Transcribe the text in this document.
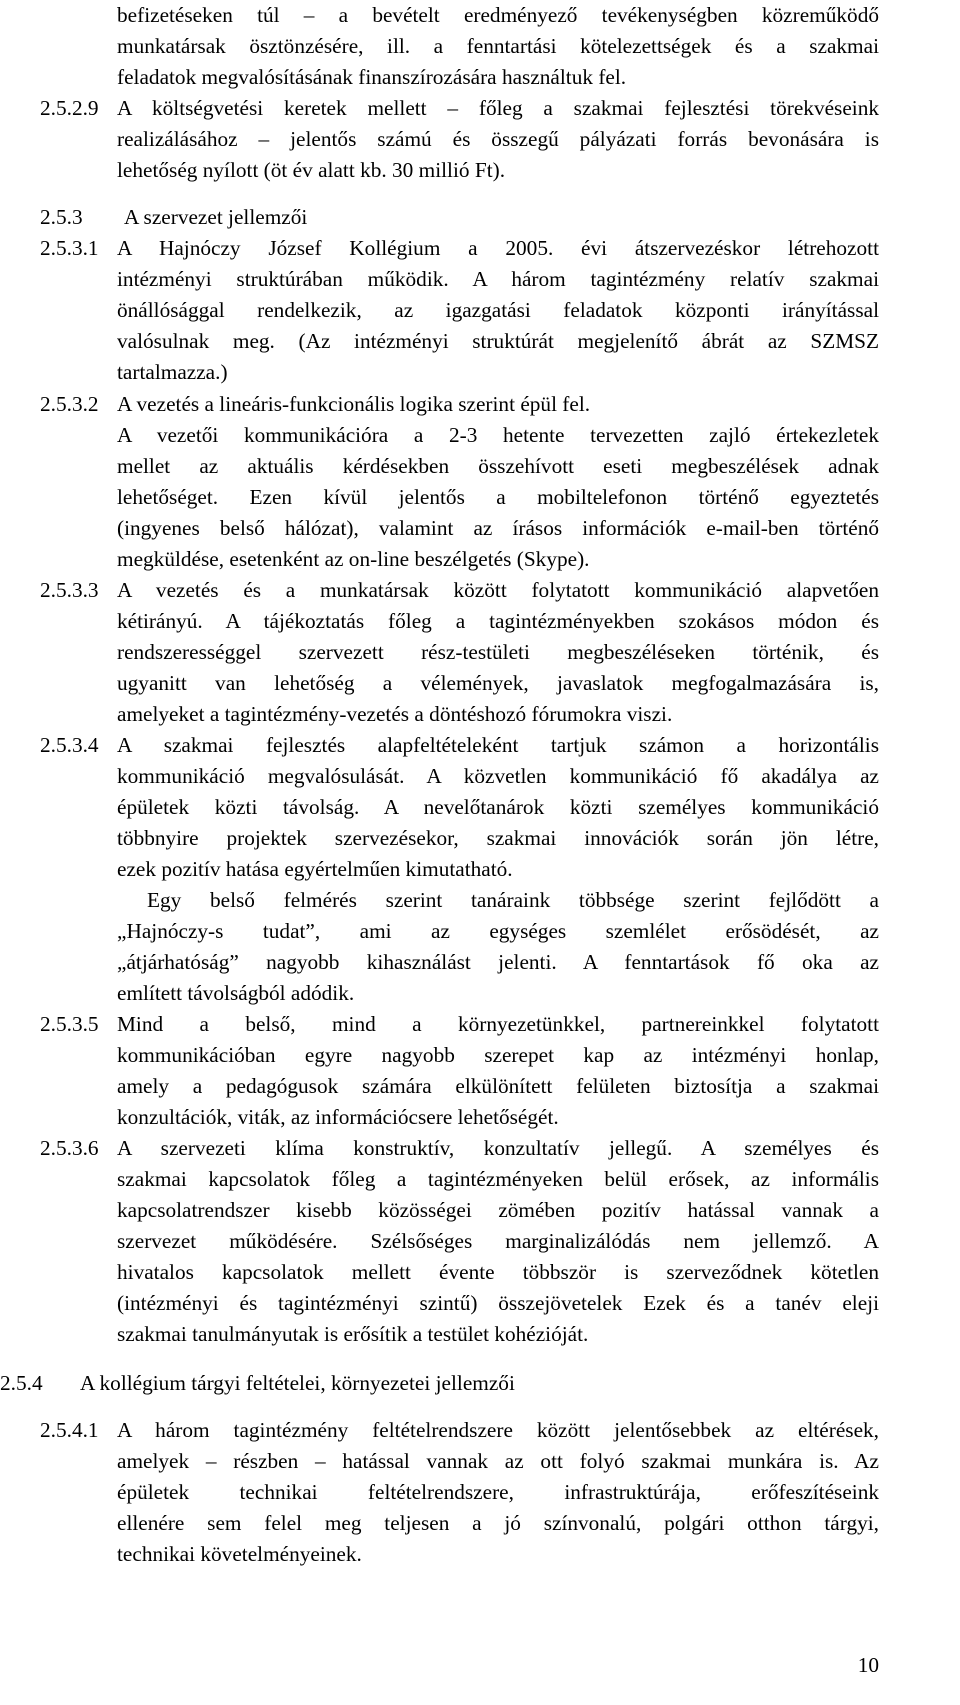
befizetéseken túl – a bevételt eredményező tevékenységben közreműködő
munkatársak ösztönzésére, ill. a fenntartási kötelezettségek és a szakmai
feladatok megvalósításának finanszírozására használtuk fel.
2.5.2.9 A költségvetési keretek mellett – főleg a szakmai fejlesztési törekvéseink
realizálásához – jelentős számú és összegű pályázati forrás bevonására is
lehetőség nyílott (öt év alatt kb. 30 millió Ft).
2.5.3 A szervezet jellemzői
2.5.3.1 A Hajnóczy József Kollégium a 2005. évi átszervezéskor létrehozott
intézményi struktúrában működik. A három tagintézmény relatív szakmai
önállósággal rendelkezik, az igazgatási feladatok központi irányítással
valósulnak meg. (Az intézményi struktúrát megjelenítő ábrát az SZMSZ
tartalmazza.)
2.5.3.2 A vezetés a lineáris-funkcionális logika szerint épül fel.
A vezetői kommunikációra a 2-3 hetente tervezetten zajló értekezletek
mellet az aktuális kérdésekben összehívott eseti megbeszélések adnak
lehetőséget. Ezen kívül jelentős a mobiltelefonon történő egyeztetés
(ingyenes belső hálózat), valamint az írásos információk e-mail-ben történő
megküldése, esetenként az on-line beszélgetés (Skype).
2.5.3.3 A vezetés és a munkatársak között folytatott kommunikáció alapvetően
kétirányú. A tájékoztatás főleg a tagintézményekben szokásos módon és
rendszerességgel szervezett rész-testületi megbeszéléseken történik, és
ugyanitt van lehetőség a vélemények, javaslatok megfogalmazására is,
amelyeket a tagintézmény-vezetés a döntéshozó fórumokra viszi.
2.5.3.4 A szakmai fejlesztés alapfeltételeként tartjuk számon a horizontális
kommunikáció megvalósulását. A közvetlen kommunikáció fő akadálya az
épületek közti távolság. A nevelőtanárok közti személyes kommunikáció
többnyire projektek szervezésekor, szakmai innovációk során jön létre,
ezek pozitív hatása egyértelműen kimutatható.
Egy belső felmérés szerint tanáraink többsége szerint fejlődött a
„Hajnóczy-s tudat”, ami az egységes szemlélet erősödését, az
„átjárhatóság” nagyobb kihasználást jelenti. A fenntartások fő oka az
említett távolságból adódik.
2.5.3.5 Mind a belső, mind a környezetünkkel, partnereinkkel folytatott
kommunikációban egyre nagyobb szerepet kap az intézményi honlap,
amely a pedagógusok számára elkülönített felületen biztosítja a szakmai
konzultációk, viták, az információcsere lehetőségét.
2.5.3.6 A szervezeti klíma konstruktív, konzultatív jellegű. A személyes és
szakmai kapcsolatok főleg a tagintézményeken belül erősek, az informális
kapcsolatrendszer kisebb közösségei zömében pozitív hatással vannak a
szervezet működésére. Szélsőséges marginalizálódás nem jellemző. A
hivatalos kapcsolatok mellett évente többször is szerveződnek kötetlen
(intézményi és tagintézményi szintű) összejövetelek Ezek és a tanév eleji
szakmai tanulmányutak is erősítik a testület kohézióját.
2.5.4 A kollégium tárgyi feltételei, környezetei jellemzői
2.5.4.1 A három tagintézmény feltételrendszere között jelentősebbek az eltérések,
amelyek – részben – hatással vannak az ott folyó szakmai munkára is. Az
épületek technikai feltételrendszere, infrastruktúrája, erőfeszítéseink
ellenére sem felel meg teljesen a jó színvonalú, polgári otthon tárgyi,
technikai követelményeinek.
10
